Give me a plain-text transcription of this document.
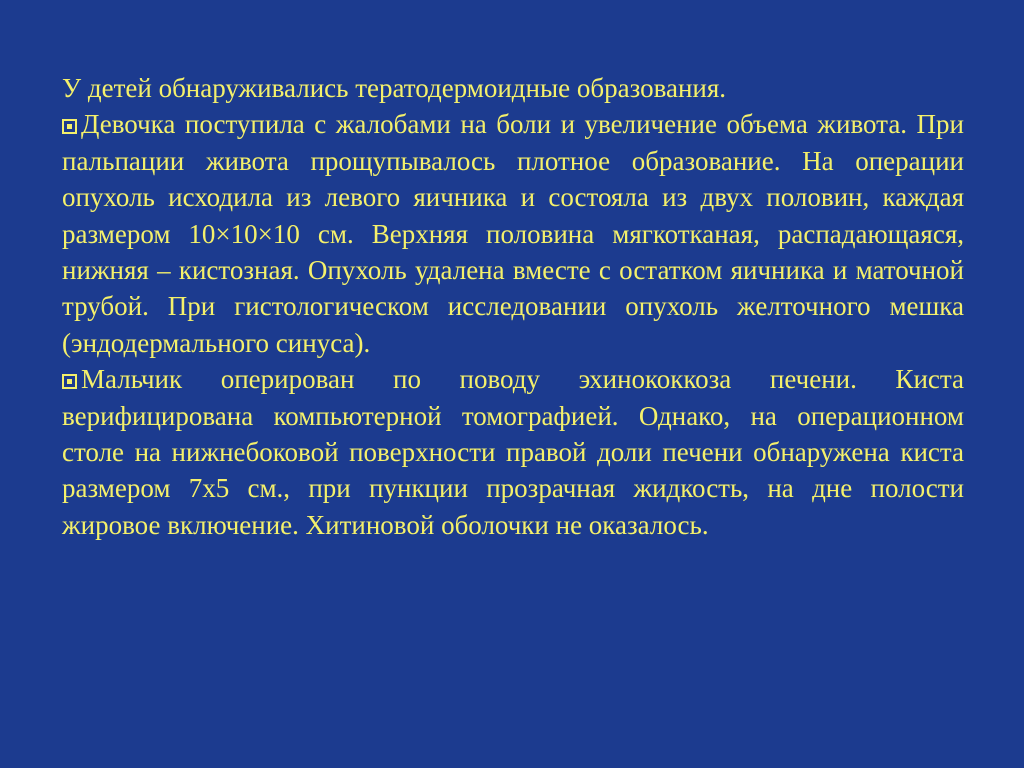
У детей обнаруживались тератодермоидные образования.

Девочка поступила с жалобами на боли и увеличение объема живота. При пальпации живота прощупывалось плотное образование. На операции опухоль исходила из левого яичника и состояла из двух половин, каждая размером 10×10×10 см. Верхняя половина мягкотканая, распадающаяся, нижняя – кистозная. Опухоль удалена вместе с остатком яичника и маточной трубой. При гистологическом исследовании опухоль желточного мешка (эндодермального синуса).

Мальчик оперирован по поводу эхинококкоза печени. Киста верифицирована компьютерной томографией. Однако, на операционном столе на нижнебоковой поверхности правой доли печени обнаружена киста размером 7х5 см., при пункции прозрачная жидкость, на дне полости жировое включение. Хитиновой оболочки не оказалось.
